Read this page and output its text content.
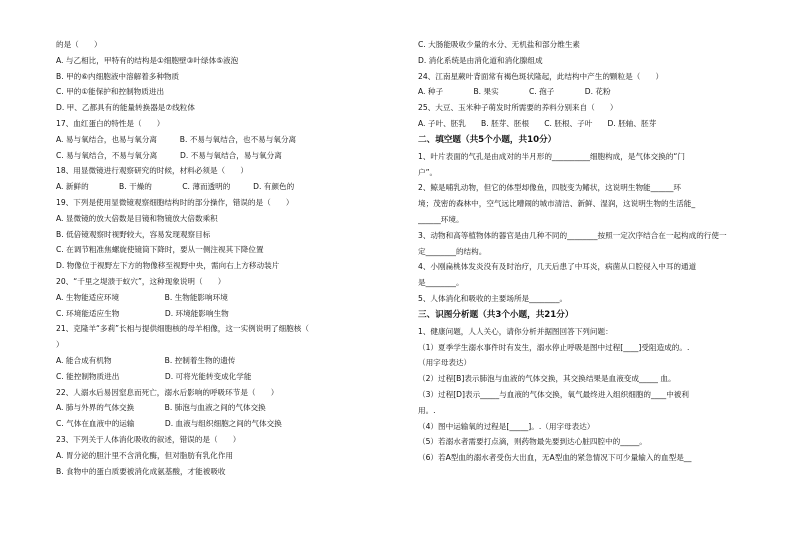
的是（　　）

A. 与乙相比，甲特有的结构是①细胞壁③叶绿体⑤液泡

B. 甲的⑥内细胞液中溶解着多种物质

C. 甲的①能保护和控制物质进出

D. 甲、乙都具有的能量转换器是⑦线粒体

17、血红蛋白的特性是（　　）

A. 易与氧结合，也易与氧分离　　　B. 不易与氧结合，也不易与氧分离

C. 易与氧结合，不易与氧分离　　　D. 不易与氧结合，易与氧分离

18、用显微镜进行观察研究的时候，材料必须是（　　）

A. 新鲜的　　　　B. 干燥的　　　　C. 薄而透明的　　　D. 有颜色的

19、下列是使用显微镜观察细胞结构时的部分操作，错误的是（　　）

A. 显微镜的放大倍数是目镜和物镜放大倍数乘积

B. 低倍镜观察时视野较大，容易发现观察目标

C. 在调节粗准焦螺旋使镜筒下降时，要从一侧注视其下降位置

D. 物像位于视野左下方的物像移至视野中央，需向右上方移动装片

20、“千里之堤溃于蚁穴”，这种现象说明（　　）

A. 生物能适应环境　　　　　　B. 生物能影响环境

C. 环境能适应生物　　　　　　D. 环境能影响生物

21、克隆羊“多莉”长相与提供细胞核的母羊相像，这一实例说明了细胞核（

）

A. 能合成有机物　　　　　　　B. 控制着生物的遗传

C. 能控制物质进出　　　　　　D. 可将光能转变成化学能

22、人溺水后易因窒息而死亡，溺水后影响的呼吸环节是（　　）

A. 肺与外界的气体交换　　　　B. 肺泡与血液之间的气体交换

C. 气体在血液中的运输　　　　D. 血液与组织细胞之间的气体交换

23、下列关于人体消化吸收的叙述，错误的是（　　）

A. 胃分泌的胆汁里不含消化酶，但对脂肪有乳化作用

B. 食物中的蛋白质要被消化成氨基酸，才能被吸收

C. 大肠能吸收少量的水分、无机盐和部分维生素

D. 消化系统是由消化道和消化腺组成

24、江南星蕨叶背面常有褐色斑状隆起，此结构中产生的颗粒是（　　）

A. 种子　　　　B. 果实　　　　C. 孢子　　　　D. 花粉

25、大豆、玉米种子萌发时所需要的养料分别来自（　　）

A. 子叶、胚乳　　B. 胚芽、胚根　　C. 胚根、子叶　　D. 胚轴、胚芽

二、填空题（共5个小题，共10分）

1、叶片表面的气孔是由成对的半月形的__________细胞构成，是气体交换的“门

户”。

2、鲸是哺乳动物，但它的体型却像鱼，四肢变为鳍状，这说明生物能______环

境；茂密的森林中，空气远比嘈闹的城市清洁、新鲜、湿润，这说明生物的生活能_

______环境。

3、动物和高等植物体的器官是由几种不同的________按照一定次序结合在一起构成的行使一

定________的结构。

4、小刚扁桃体发炎没有及时治疗，几天后患了中耳炎，病菌从口腔侵入中耳的通道

是________。

5、人体消化和吸收的主要场所是________。

三、识图分析题（共3个小题，共21分）

1、健康问题，人人关心，请你分析并据图回答下列问题：

（1）夏季学生溺水事件时有发生，溺水停止呼吸是图中过程[____]受阻造成的。.

（用字母表达）

（2）过程[B]表示肺泡与血液的气体交换，其交换结果是血液变成_____ 血。

（3）过程[D]表示_____与血液的气体交换，氧气最终进入组织细胞的____中被利

用。.

（4）图中运输氧的过程是[_____]。.（用字母表达）

（5）若溺水者需要打点滴，则药物最先要到达心脏四腔中的_____。

（6）若A型血的溺水者受伤大出血，无A型血的紧急情况下可少量输入的血型是__
